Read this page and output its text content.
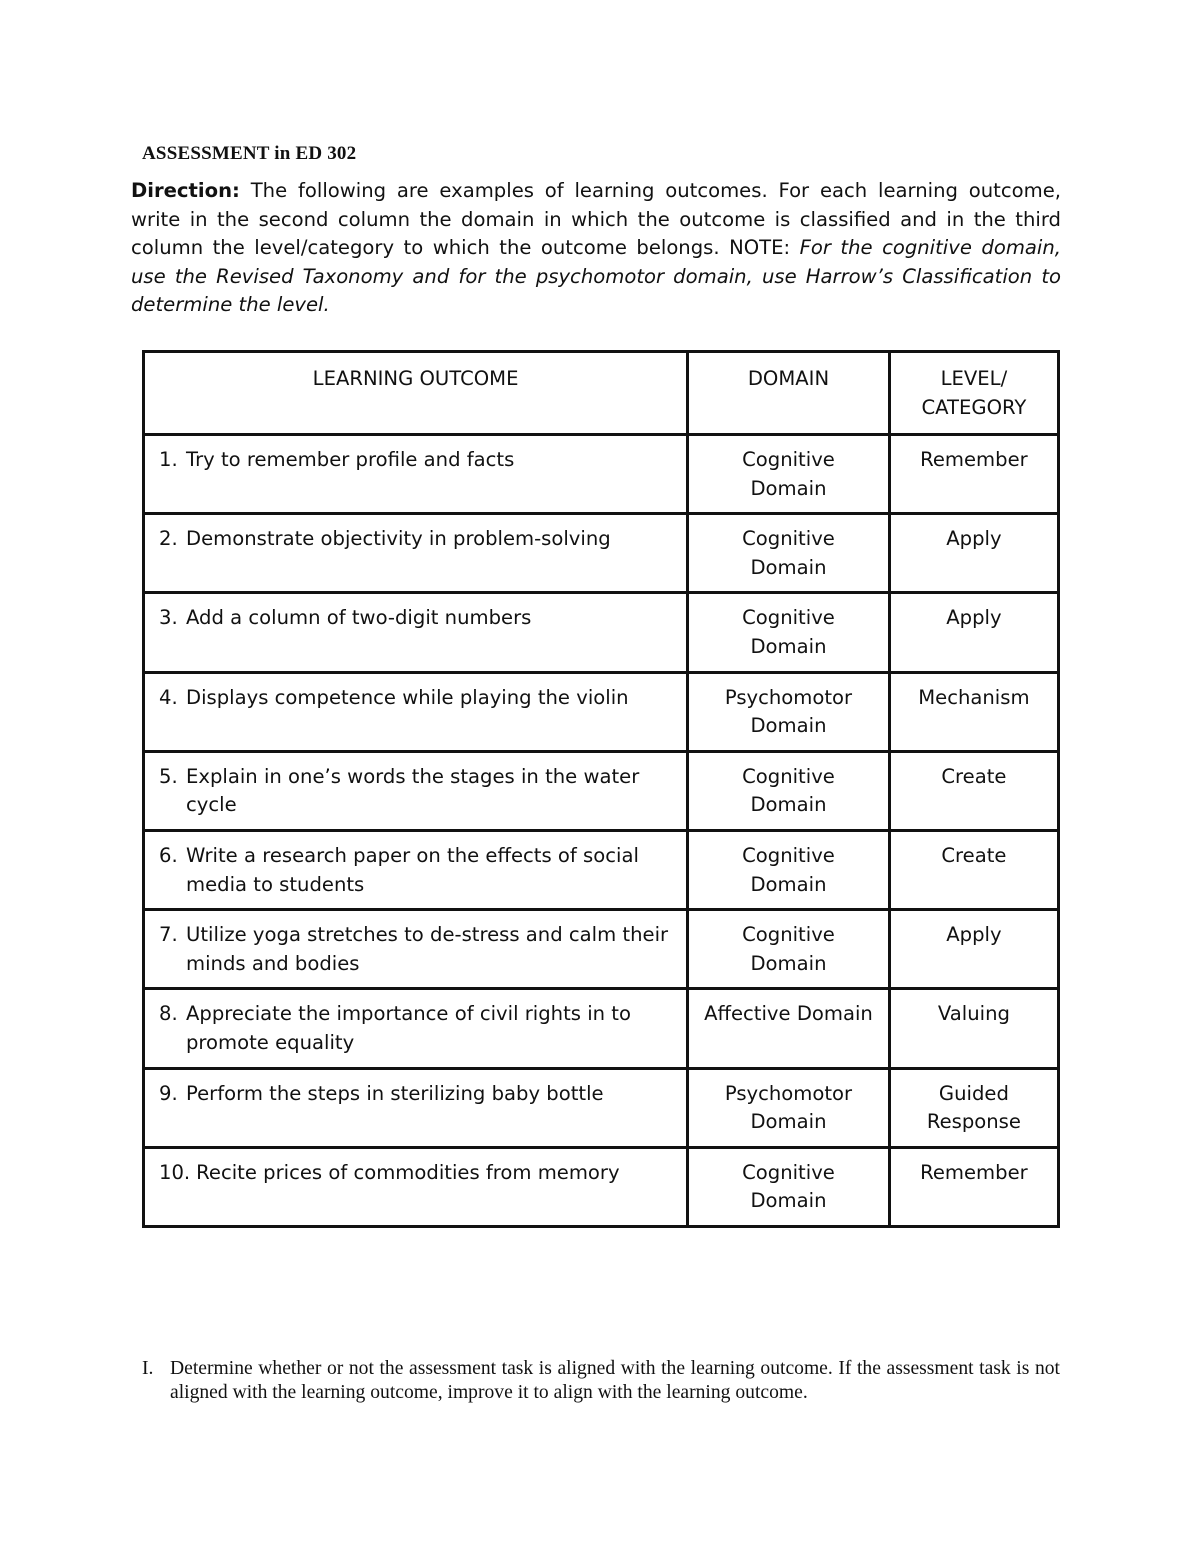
ASSESSMENT in ED 302
Direction: The following are examples of learning outcomes. For each learning outcome, write in the second column the domain in which the outcome is classified and in the third column the level/category to which the outcome belongs. NOTE: For the cognitive domain, use the Revised Taxonomy and for the psychomotor domain, use Harrow’s Classification to determine the level.
LEARNING OUTCOME	DOMAIN	LEVEL/ CATEGORY
1. Try to remember profile and facts	Cognitive Domain	Remember
2. Demonstrate objectivity in problem-solving	Cognitive Domain	Apply
3. Add a column of two-digit numbers	Cognitive Domain	Apply
4. Displays competence while playing the violin	Psychomotor Domain	Mechanism
5. Explain in one’s words the stages in the water cycle	Cognitive Domain	Create
6. Write a research paper on the effects of social media to students	Cognitive Domain	Create
7. Utilize yoga stretches to de-stress and calm their minds and bodies	Cognitive Domain	Apply
8. Appreciate the importance of civil rights in to promote equality	Affective Domain	Valuing
9. Perform the steps in sterilizing baby bottle	Psychomotor Domain	Guided Response
10. Recite prices of commodities from memory	Cognitive Domain	Remember
I. Determine whether or not the assessment task is aligned with the learning outcome. If the assessment task is not aligned with the learning outcome, improve it to align with the learning outcome.
